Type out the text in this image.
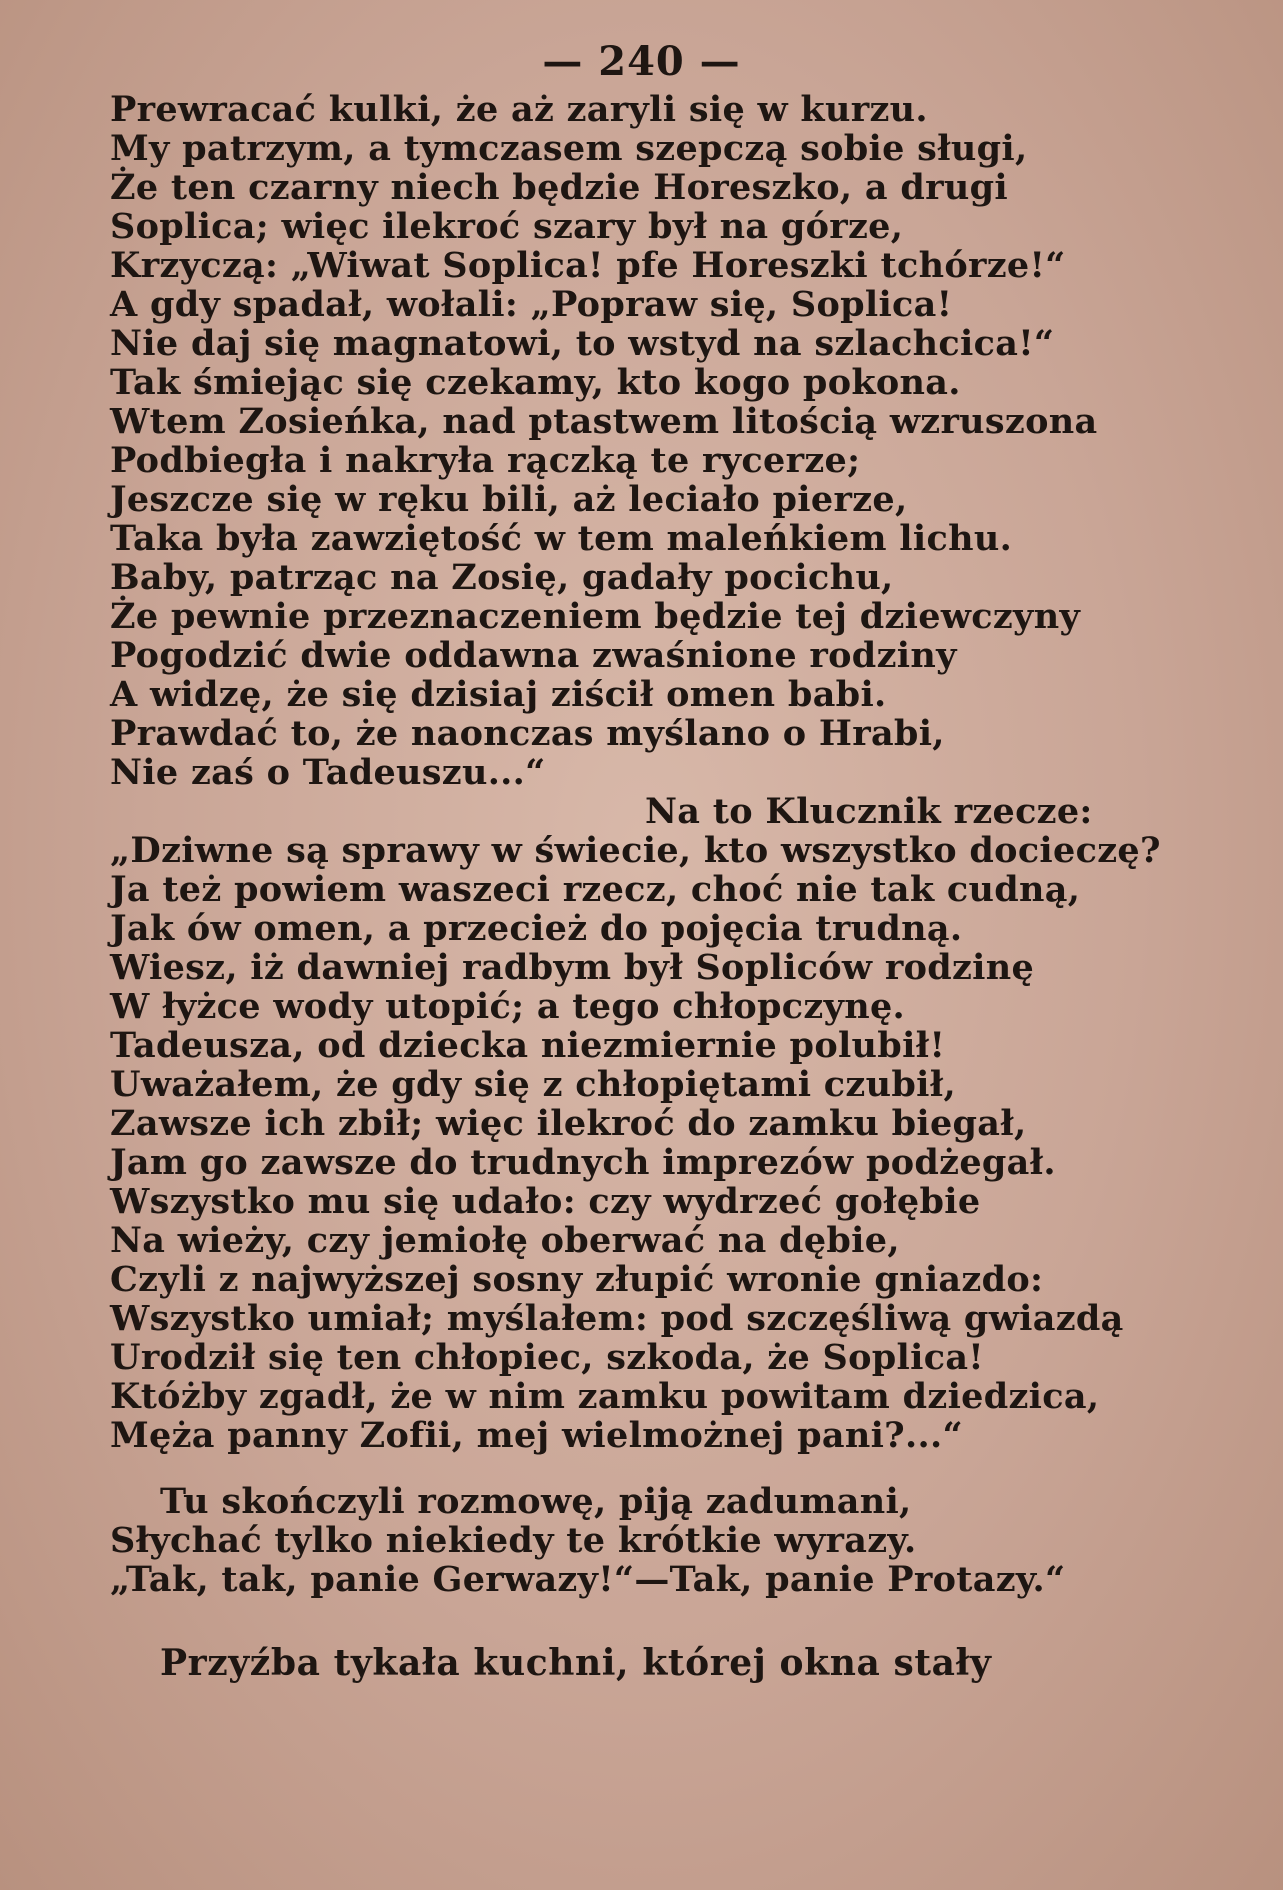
— 240 —
Prewracać kulki, że aż zaryli się w kurzu.
My patrzym, a tymczasem szepczą sobie sługi,
Że ten czarny niech będzie Horeszko, a drugi
Soplica; więc ilekroć szary był na górze,
Krzyczą: „Wiwat Soplica! pfe Horeszki tchórze!“
A gdy spadał, wołali: „Popraw się, Soplica!
Nie daj się magnatowi, to wstyd na szlachcica!“
Tak śmiejąc się czekamy, kto kogo pokona.
Wtem Zosieńka, nad ptastwem litością wzruszona
Podbiegła i nakryła rączką te rycerze;
Jeszcze się w ręku bili, aż leciało pierze,
Taka była zawziętość w tem maleńkiem lichu.
Baby, patrząc na Zosię, gadały pocichu,
Że pewnie przeznaczeniem będzie tej dziewczyny
Pogodzić dwie oddawna zwaśnione rodziny
A widzę, że się dzisiaj ziścił omen babi.
Prawdać to, że naonczas myślano o Hrabi,
Nie zaś o Tadeuszu...“
Na to Klucznik rzecze:
„Dziwne są sprawy w świecie, kto wszystko docieczę?
Ja też powiem waszeci rzecz, choć nie tak cudną,
Jak ów omen, a przecież do pojęcia trudną.
Wiesz, iż dawniej radbym był Sopliców rodzinę
W łyżce wody utopić; a tego chłopczynę.
Tadeusza, od dziecka niezmiernie polubił!
Uważałem, że gdy się z chłopiętami czubił,
Zawsze ich zbił; więc ilekroć do zamku biegał,
Jam go zawsze do trudnych imprezów podżegał.
Wszystko mu się udało: czy wydrzeć gołębie
Na wieży, czy jemiołę oberwać na dębie,
Czyli z najwyższej sosny złupić wronie gniazdo:
Wszystko umiał; myślałem: pod szczęśliwą gwiazdą
Urodził się ten chłopiec, szkoda, że Soplica!
Któżby zgadł, że w nim zamku powitam dziedzica,
Męża panny Zofii, mej wielmożnej pani?...“
Tu skończyli rozmowę, piją zadumani,
Słychać tylko niekiedy te krótkie wyrazy.
„Tak, tak, panie Gerwazy!“—Tak, panie Protazy.“
Przyźba tykała kuchni, której okna stały
